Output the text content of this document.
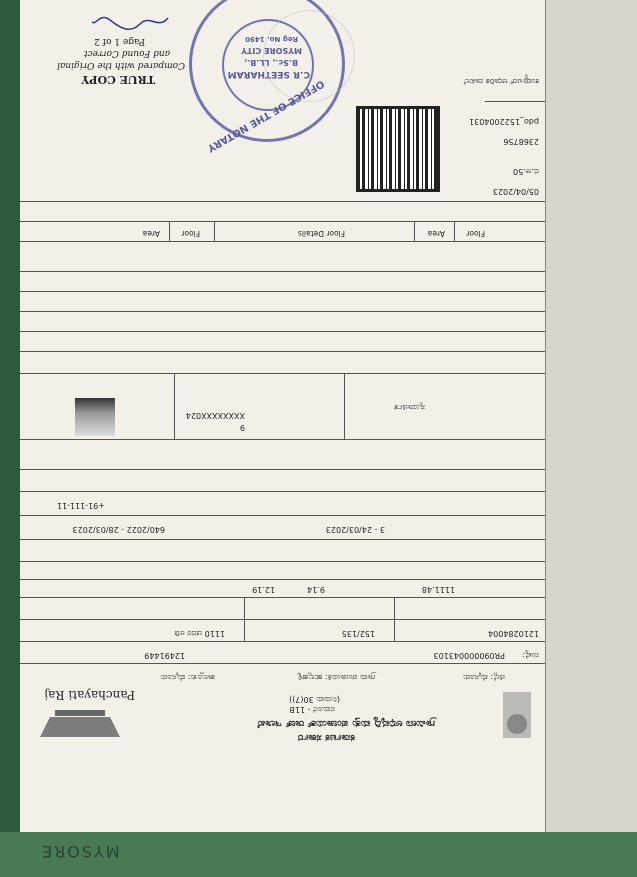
MYSORE
Panchayati Raj
ಕರ್ನಾಟಕ ಸರ್ಕಾರ
ಗ್ರಾಮೀಣ ಅಭಿವೃದ್ಧಿ ಮತ್ತು ಪಂಚಾಯತ್ ರಾಜ್ ಇಲಾಖೆ
ನಮೂನೆ - 11B
(ನಿಯಮ 30(7))
ಜಿಲ್ಲೆ: ಮೈಸೂರು
ಗ್ರಾಮ ಪಂಚಾಯತಿ: ಹುಲ್ಲಹಳ್ಳಿ
ತಾಲ್ಲೂಕು: ಮೈಸೂರು
ಸಂಖ್ಯೆ:
PR090000043103
12491449
1210284004
152/135
1110 ಚದರ ಅಡಿ
1111.48
9.14
12.19
3 - 24/03/2023
640/2022 - 28/03/2023
+91-111-11
9
XXXXXXXX024
ಸ್ವಯಾರ್ಜಿತ
Floor
Area
Floor Details
Floor
Area
05/04/2023
ಬಿ.ಆ.50
2368756
pdo_1522004031
ಕಂಪ್ಯೂಟರ್ ಆಧಾರಿತ ದಾಖಲೆ
OFFICE OF THE NOTARY
C.R SEETHARAM
B.Sc., LL.B.,
MYSORE CITY
Reg No. 1490
TRUE COPY
Compared with the Original
and Found Correct
Page 1 of 2
